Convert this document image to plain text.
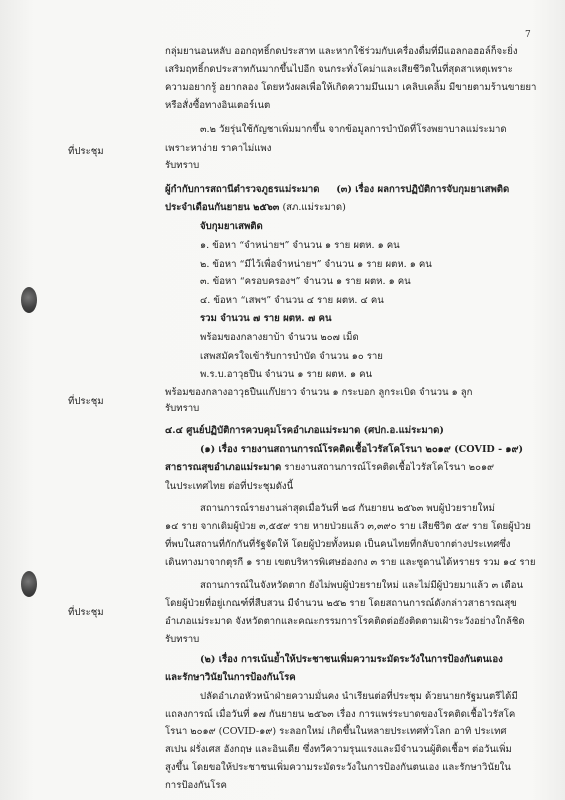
7
กลุ่มยานอนหลับ ออกฤทธิ์กดประสาท และหากใช้ร่วมกับเครื่องดื่มที่มีแอลกอฮอล์ก็จะยิ่ง
เสริมฤทธิ์กดประสาทกันมากขึ้นไปอีก จนกระทั่งโคม่าและเสียชีวิตในที่สุดสาเหตุเพราะ
ความอยากรู้ อยากลอง โดยหวังผลเพื่อให้เกิดความมึนเมา เคลิบเคลิ้ม มีขายตามร้านขายยา
หรือสั่งซื้อทางอินเตอร์เนต
๓.๒ วัยรุ่นใช้กัญชาเพิ่มมากขึ้น จากข้อมูลการบำบัดที่โรงพยาบาลแม่ระมาด
เพราะหาง่าย ราคาไม่แพง
ที่ประชุม
รับทราบ
ผู้กำกับการสถานีตำรวจภูธรแม่ระมาด (๓) เรื่อง ผลการปฏิบัติการจับกุมยาเสพติด
ประจำเดือนกันยายน ๒๕๖๓ (สภ.แม่ระมาด)
จับกุมยาเสพติด
๑. ข้อหา “จำหน่ายฯ” จำนวน ๑ ราย ผตห. ๑ คน
๒. ข้อหา “มีไว้เพื่อจำหน่ายฯ” จำนวน ๑ ราย ผตห. ๑ คน
๓. ข้อหา “ครอบครองฯ” จำนวน ๑ ราย ผตห. ๑ คน
๔. ข้อหา “เสพฯ” จำนวน ๔ ราย ผตห. ๔ คน
รวม จำนวน ๗ ราย ผตห. ๗ คน
พร้อมของกลางยาบ้า จำนวน ๒๐๗ เม็ด
เสพสมัครใจเข้ารับการบำบัด จำนวน ๑๐ ราย
พ.ร.บ.อาวุธปืน จำนวน ๑ ราย ผตห. ๑ คน
พร้อมของกลางอาวุธปืนแก๊ปยาว จำนวน ๑ กระบอก ลูกระเบิด จำนวน ๑ ลูก
ที่ประชุม
รับทราบ
๔.๔ ศูนย์ปฏิบัติการควบคุมโรคอำเภอแม่ระมาด (ศปก.อ.แม่ระมาด)
(๑) เรื่อง รายงานสถานการณ์โรคติดเชื้อไวรัสโคโรนา ๒๐๑๙ (COVID - ๑๙)
สาธารณสุขอำเภอแม่ระมาด รายงานสถานการณ์โรคติดเชื้อไวรัสโคโรนา ๒๐๑๙
ในประเทศไทย ต่อที่ประชุมดังนี้
สถานการณ์รายงานล่าสุดเมื่อวันที่ ๒๘ กันยายน ๒๕๖๓ พบผู้ป่วยรายใหม่
๑๔ ราย จากเดิมผู้ป่วย ๓,๕๕๙ ราย หายป่วยแล้ว ๓,๓๙๐ ราย เสียชีวิต ๕๙ ราย โดยผู้ป่วย
ที่พบในสถานที่กักกันที่รัฐจัดให้ โดยผู้ป่วยทั้งหมด เป็นคนไทยที่กลับจากต่างประเทศซึ่ง
เดินทางมาจากตุรกี ๑ ราย เขตบริหารพิเศษฮ่องกง ๓ ราย และซูดานได้หรายร รวม ๑๔ ราย
สถานการณ์ในจังหวัดตาก ยังไม่พบผู้ป่วยรายใหม่ และไม่มีผู้ป่วยมาแล้ว ๓ เดือน
โดยผู้ป่วยที่อยู่เกณฑ์ที่สืบสวน มีจำนวน ๒๕๒ ราย โดยสถานการณ์ดังกล่าวสาธารณสุข
อำเภอแม่ระมาด จังหวัดตากและคณะกรรมการโรคติดต่อยังติดตามเฝ้าระวังอย่างใกล้ชิด
ที่ประชุม
รับทราบ
(๒) เรื่อง การเน้นย้ำให้ประชาชนเพิ่มความระมัดระวังในการป้องกันตนเอง
และรักษาวินัยในการป้องกันโรค
ปลัดอำเภอหัวหน้าฝ่ายความมั่นคง นำเรียนต่อที่ประชุม ด้วยนายกรัฐมนตรีได้มี
แถลงการณ์ เมื่อวันที่ ๑๗ กันยายน ๒๕๖๓ เรื่อง การแพร่ระบาดของโรคติดเชื้อไวรัสโค
โรนา ๒๐๑๙ (COVID-๑๙) ระลอกใหม่ เกิดขึ้นในหลายประเทศทั่วโลก อาทิ ประเทศ
สเปน ฝรั่งเศส อังกฤษ และอินเดีย ซึ่งทวีความรุนแรงและมีจำนวนผู้ติดเชื้อฯ ต่อวันเพิ่ม
สูงขึ้น โดยขอให้ประชาชนเพิ่มความระมัดระวังในการป้องกันตนเอง และรักษาวินัยใน
การป้องกันโรค
